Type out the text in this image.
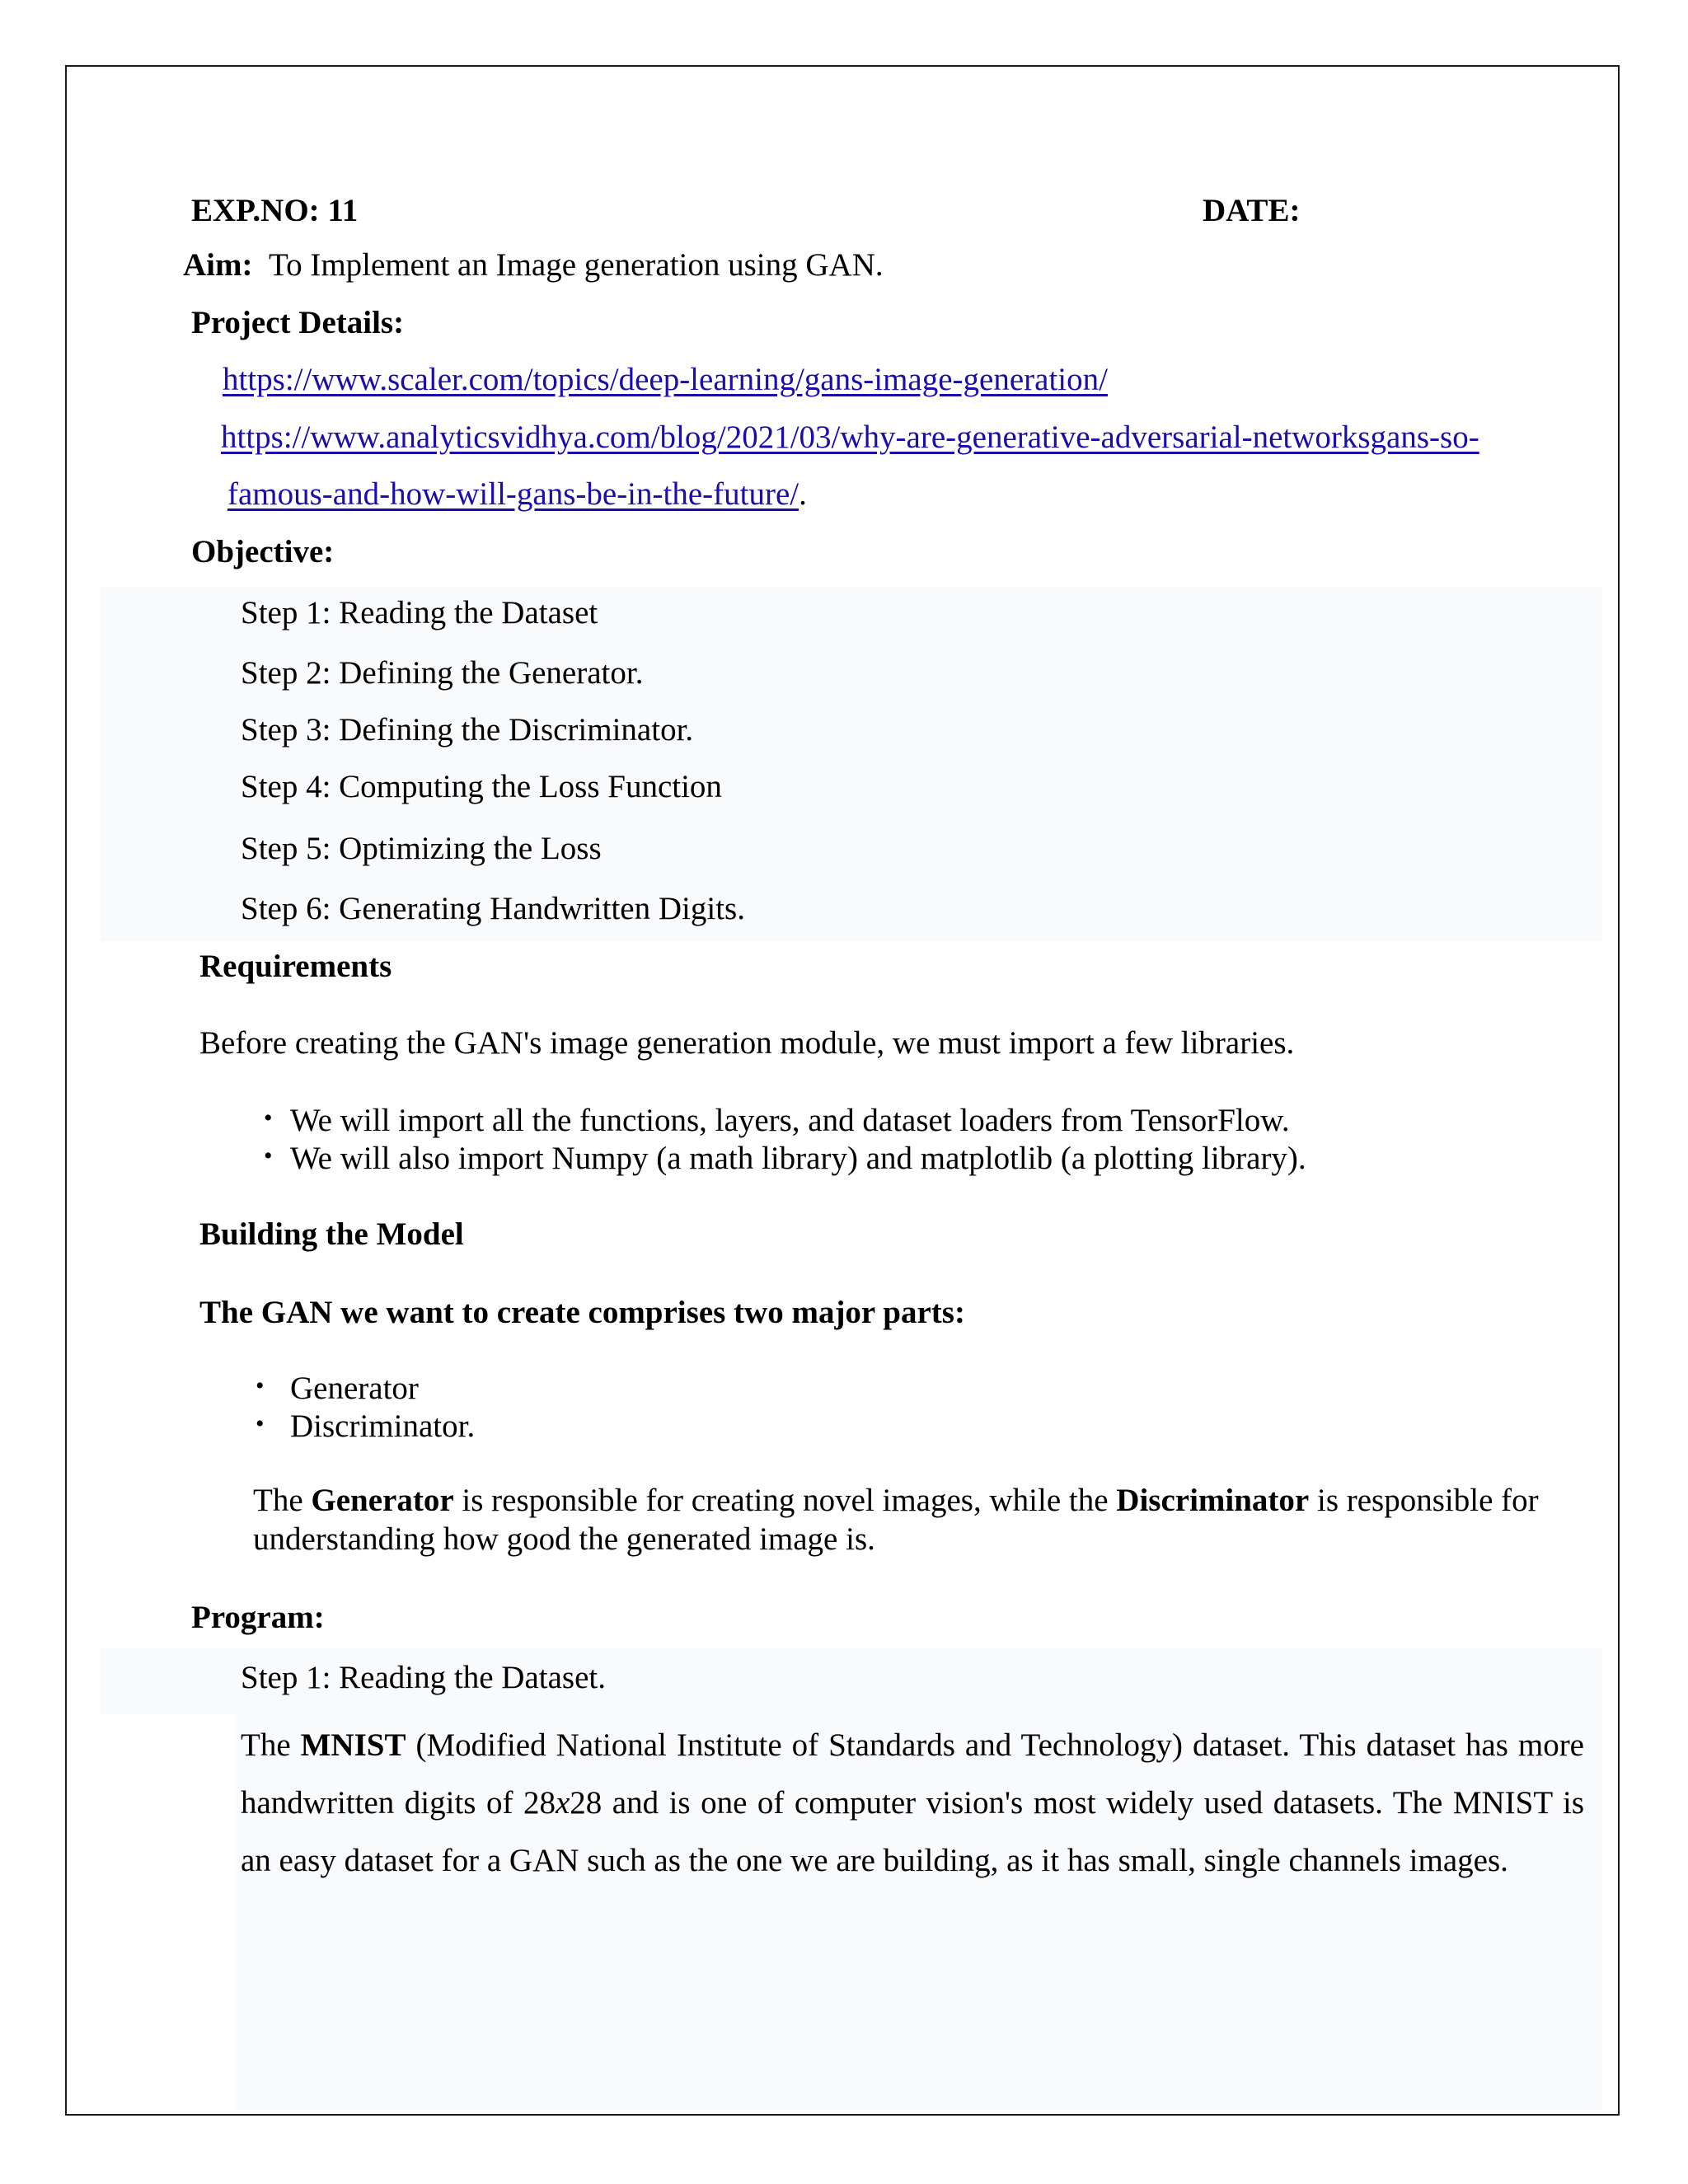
EXP.NO: 11	DATE:
Aim: To Implement an Image generation using GAN.
Project Details:
https://www.scaler.com/topics/deep-learning/gans-image-generation/
https://www.analyticsvidhya.com/blog/2021/03/why-are-generative-adversarial-networksgans-so-
famous-and-how-will-gans-be-in-the-future/.
Objective:
Step 1: Reading the Dataset
Step 2: Defining the Generator.
Step 3: Defining the Discriminator.
Step 4: Computing the Loss Function
Step 5: Optimizing the Loss
Step 6: Generating Handwritten Digits.
Requirements
Before creating the GAN's image generation module, we must import a few libraries.
• We will import all the functions, layers, and dataset loaders from TensorFlow.
• We will also import Numpy (a math library) and matplotlib (a plotting library).
Building the Model
The GAN we want to create comprises two major parts:
• Generator
• Discriminator.
The Generator is responsible for creating novel images, while the Discriminator is responsible for understanding how good the generated image is.
Program:
Step 1: Reading the Dataset.
The MNIST (Modified National Institute of Standards and Technology) dataset. This dataset has more handwritten digits of 28x28 and is one of computer vision's most widely used datasets. The MNIST is an easy dataset for a GAN such as the one we are building, as it has small, single channels images.
